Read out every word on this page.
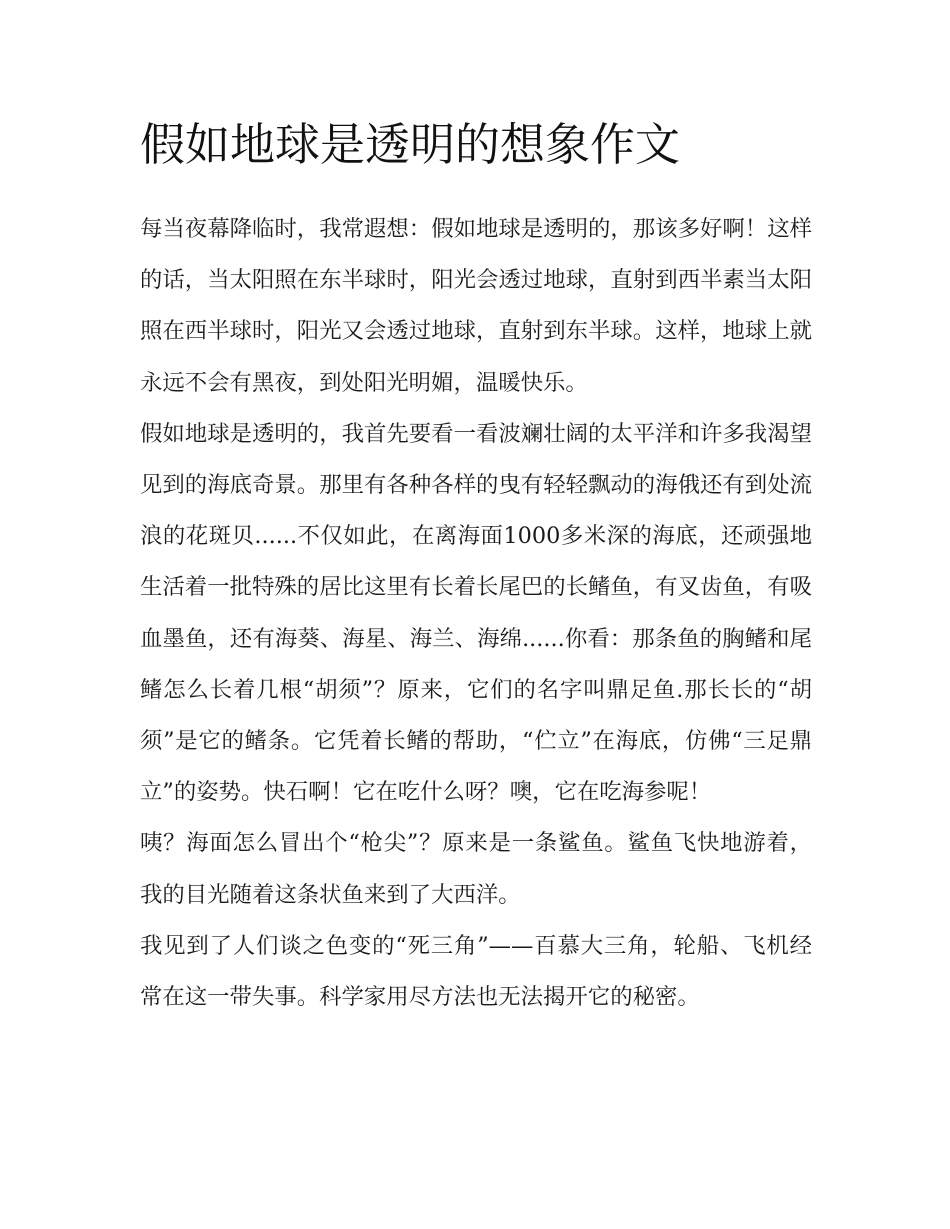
假如地球是透明的想象作文

每当夜幕降临时，我常遐想：假如地球是透明的，那该多好啊！这样的话，当太阳照在东半球时，阳光会透过地球，直射到西半素当太阳照在西半球时，阳光又会透过地球，直射到东半球。这样，地球上就永远不会有黑夜，到处阳光明媚，温暖快乐。

假如地球是透明的，我首先要看一看波斓壮阔的太平洋和许多我渴望见到的海底奇景。那里有各种各样的曳有轻轻飘动的海俄还有到处流浪的花斑贝......不仅如此，在离海面1000多米深的海底，还顽强地生活着一批特殊的居比这里有长着长尾巴的长鳍鱼，有叉齿鱼，有吸血墨鱼，还有海葵、海星、海兰、海绵......你看：那条鱼的胸鳍和尾鳍怎么长着几根“胡须”？原来，它们的名字叫鼎足鱼.那长长的“胡须”是它的鳍条。它凭着长鳍的帮助，“伫立”在海底，仿佛“三足鼎立”的姿势。快石啊！它在吃什么呀？噢，它在吃海参呢！

咦？海面怎么冒出个“枪尖”？原来是一条鲨鱼。鲨鱼飞快地游着，我的目光随着这条状鱼来到了大西洋。

我见到了人们谈之色变的“死三角”——百慕大三角，轮船、飞机经常在这一带失事。科学家用尽方法也无法揭开它的秘密。
